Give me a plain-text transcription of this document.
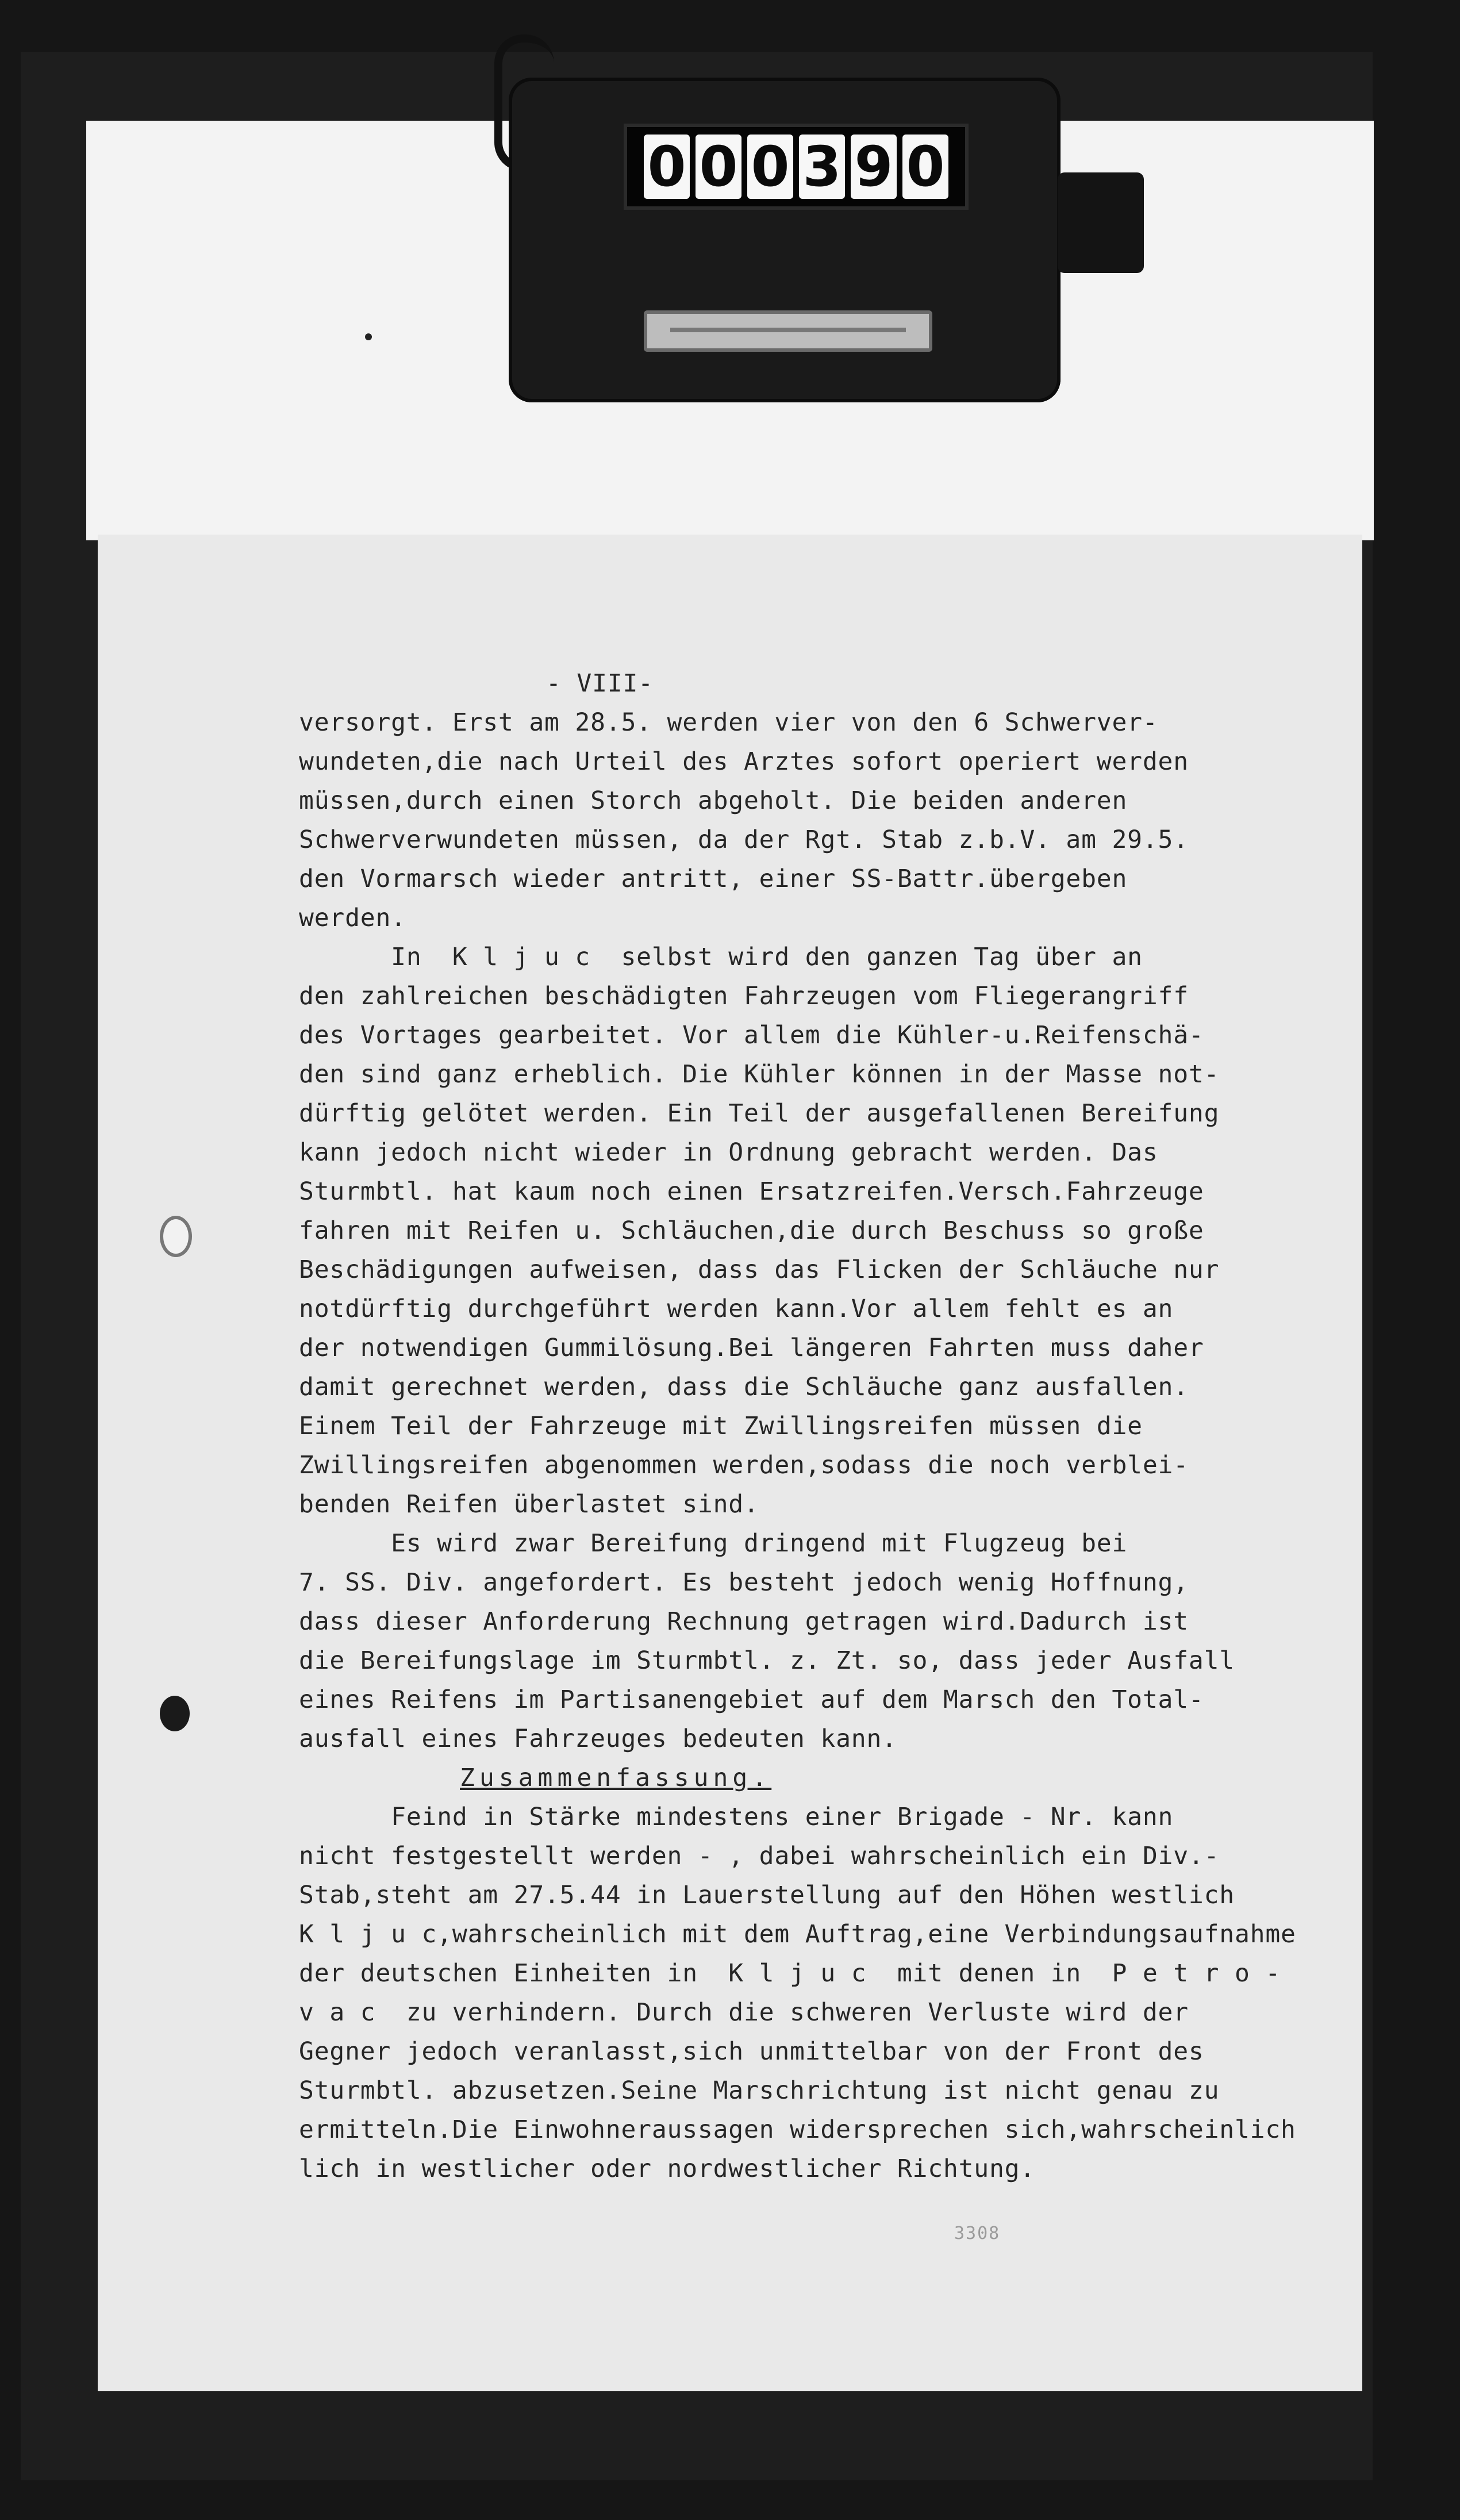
0 0 0 3 9 0

- VIII-

versorgt. Erst am 28.5. werden vier von den 6 Schwerver-

wundeten,die nach Urteil des Arztes sofort operiert werden

müssen,durch einen Storch abgeholt. Die beiden anderen

Schwerverwundeten müssen, da der Rgt. Stab z.b.V. am 29.5.

den Vormarsch wieder antritt, einer SS-Battr.übergeben

werden.

In  K l j u c  selbst wird den ganzen Tag über an

den zahlreichen beschädigten Fahrzeugen vom Fliegerangriff

des Vortages gearbeitet. Vor allem die Kühler-u.Reifenschä-

den sind ganz erheblich. Die Kühler können in der Masse not-

dürftig gelötet werden. Ein Teil der ausgefallenen Bereifung

kann jedoch nicht wieder in Ordnung gebracht werden. Das

Sturmbtl. hat kaum noch einen Ersatzreifen.Versch.Fahrzeuge

fahren mit Reifen u. Schläuchen,die durch Beschuss so große

Beschädigungen aufweisen, dass das Flicken der Schläuche nur

notdürftig durchgeführt werden kann.Vor allem fehlt es an

der notwendigen Gummilösung.Bei längeren Fahrten muss daher

damit gerechnet werden, dass die Schläuche ganz ausfallen.

Einem Teil der Fahrzeuge mit Zwillingsreifen müssen die

Zwillingsreifen abgenommen werden,sodass die noch verblei-

benden Reifen überlastet sind.

Es wird zwar Bereifung dringend mit Flugzeug bei

7. SS. Div. angefordert. Es besteht jedoch wenig Hoffnung,

dass dieser Anforderung Rechnung getragen wird.Dadurch ist

die Bereifungslage im Sturmbtl. z. Zt. so, dass jeder Ausfall

eines Reifens im Partisanengebiet auf dem Marsch den Total-

ausfall eines Fahrzeuges bedeuten kann.

Zusammenfassung.

Feind in Stärke mindestens einer Brigade - Nr. kann

nicht festgestellt werden - , dabei wahrscheinlich ein Div.-

Stab,steht am 27.5.44 in Lauerstellung auf den Höhen westlich

K l j u c,wahrscheinlich mit dem Auftrag,eine Verbindungsaufnahme

der deutschen Einheiten in  K l j u c  mit denen in  P e t r o -

v a c  zu verhindern. Durch die schweren Verluste wird der

Gegner jedoch veranlasst,sich unmittelbar von der Front des

Sturmbtl. abzusetzen.Seine Marschrichtung ist nicht genau zu

ermitteln.Die Einwohneraussagen widersprechen sich,wahrscheinlich

lich in westlicher oder nordwestlicher Richtung.

3308
